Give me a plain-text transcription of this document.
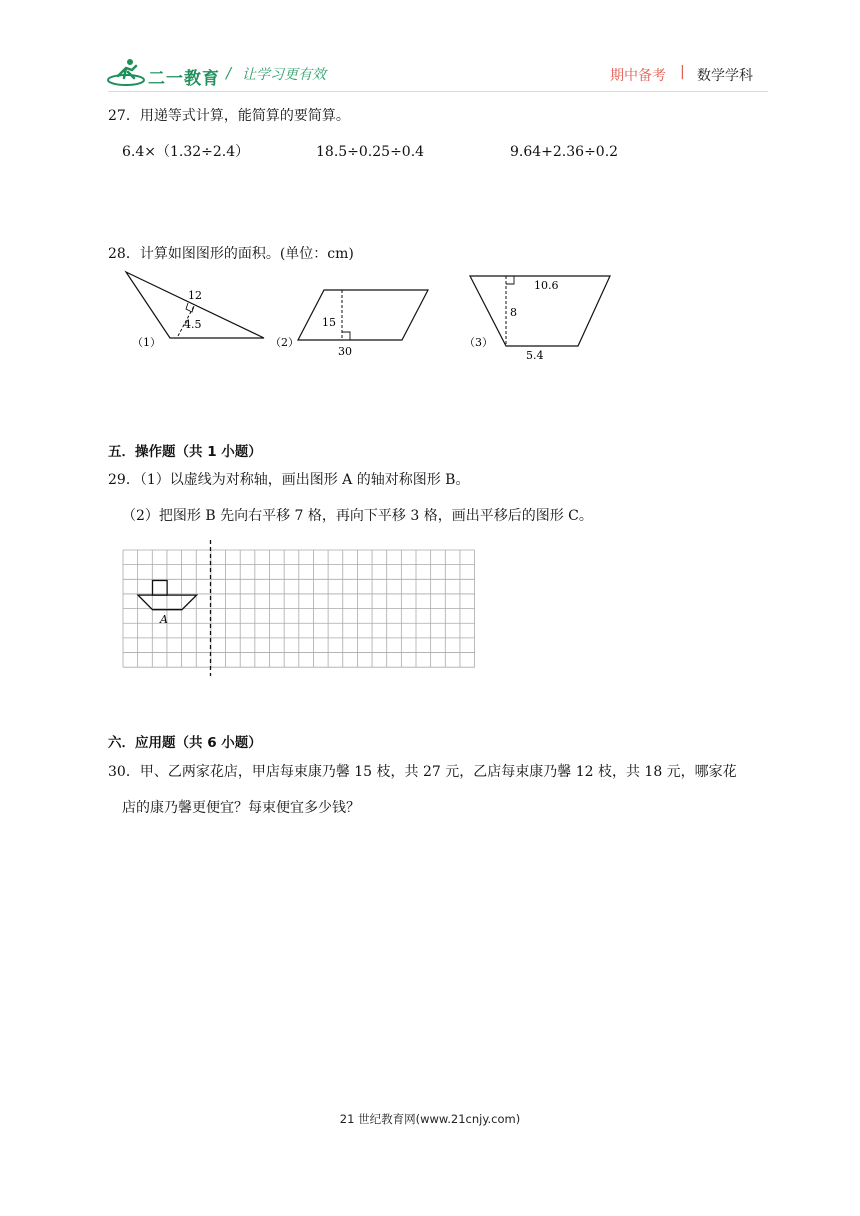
二一教育 / 让学习更有效	期中备考 | 数学学科
27．用递等式计算，能简算的要简算。
6.4×（1.32÷2.4）	18.5÷0.25÷0.4	9.64+2.36÷0.2
28．计算如图图形的面积。(单位：cm)
12
4.5
（1）
15
30
（2）
10.6
8
5.4
（3）
五．操作题（共 1 小题）
29．（1）以虚线为对称轴，画出图形 A 的轴对称图形 B。
（2）把图形 B 先向右平移 7 格，再向下平移 3 格，画出平移后的图形 C。
A
六．应用题（共 6 小题）
30．甲、乙两家花店，甲店每束康乃馨 15 枝，共 27 元，乙店每束康乃馨 12 枝，共 18 元，哪家花
店的康乃馨更便宜？每束便宜多少钱？
21 世纪教育网(www.21cnjy.com)
